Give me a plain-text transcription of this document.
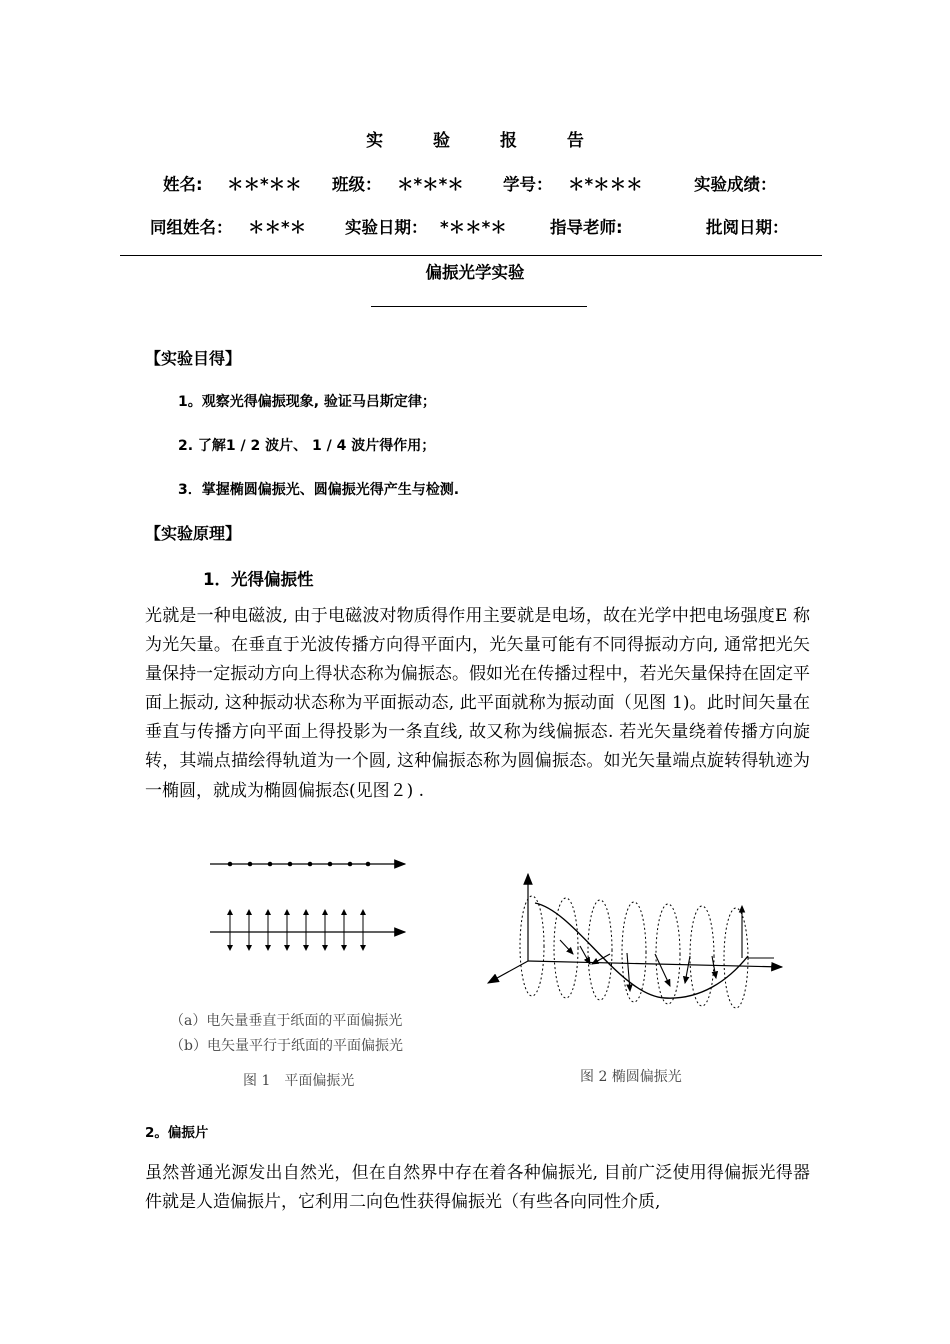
实 验 报 告
姓名: ＊＊*＊＊ 班级： ＊*＊*＊ 学号： ＊*＊＊＊	实验成绩：
同组姓名： ＊＊*＊ 实验日期： *＊＊*＊	指导老师:	批阅日期：
偏振光学实验
【实验目得】
1。观察光得偏振现象, 验证马吕斯定律；
2. 了解1 / 2 波片、 1 / 4 波片得作用；
3．掌握椭圆偏振光、圆偏振光得产生与检测.
【实验原理】
1．光得偏振性
光就是一种电磁波, 由于电磁波对物质得作用主要就是电场，故在光学中把电场强度E 称为光矢量。在垂直于光波传播方向得平面内，光矢量可能有不同得振动方向, 通常把光矢量保持一定振动方向上得状态称为偏振态。假如光在传播过程中，若光矢量保持在固定平面上振动, 这种振动状态称为平面振动态, 此平面就称为振动面（见图 1)。此时间矢量在垂直与传播方向平面上得投影为一条直线, 故又称为线偏振态. 若光矢量绕着传播方向旋转，其端点描绘得轨道为一个圆, 这种偏振态称为圆偏振态。如光矢量端点旋转得轨迹为一椭圆，就成为椭圆偏振态(见图２) .
（a）电矢量垂直于纸面的平面偏振光
（b）电矢量平行于纸面的平面偏振光
图 1　平面偏振光	图 2 椭圆偏振光
2。偏振片
虽然普通光源发出自然光，但在自然界中存在着各种偏振光, 目前广泛使用得偏振光得器件就是人造偏振片，它利用二向色性获得偏振光（有些各向同性介质,
